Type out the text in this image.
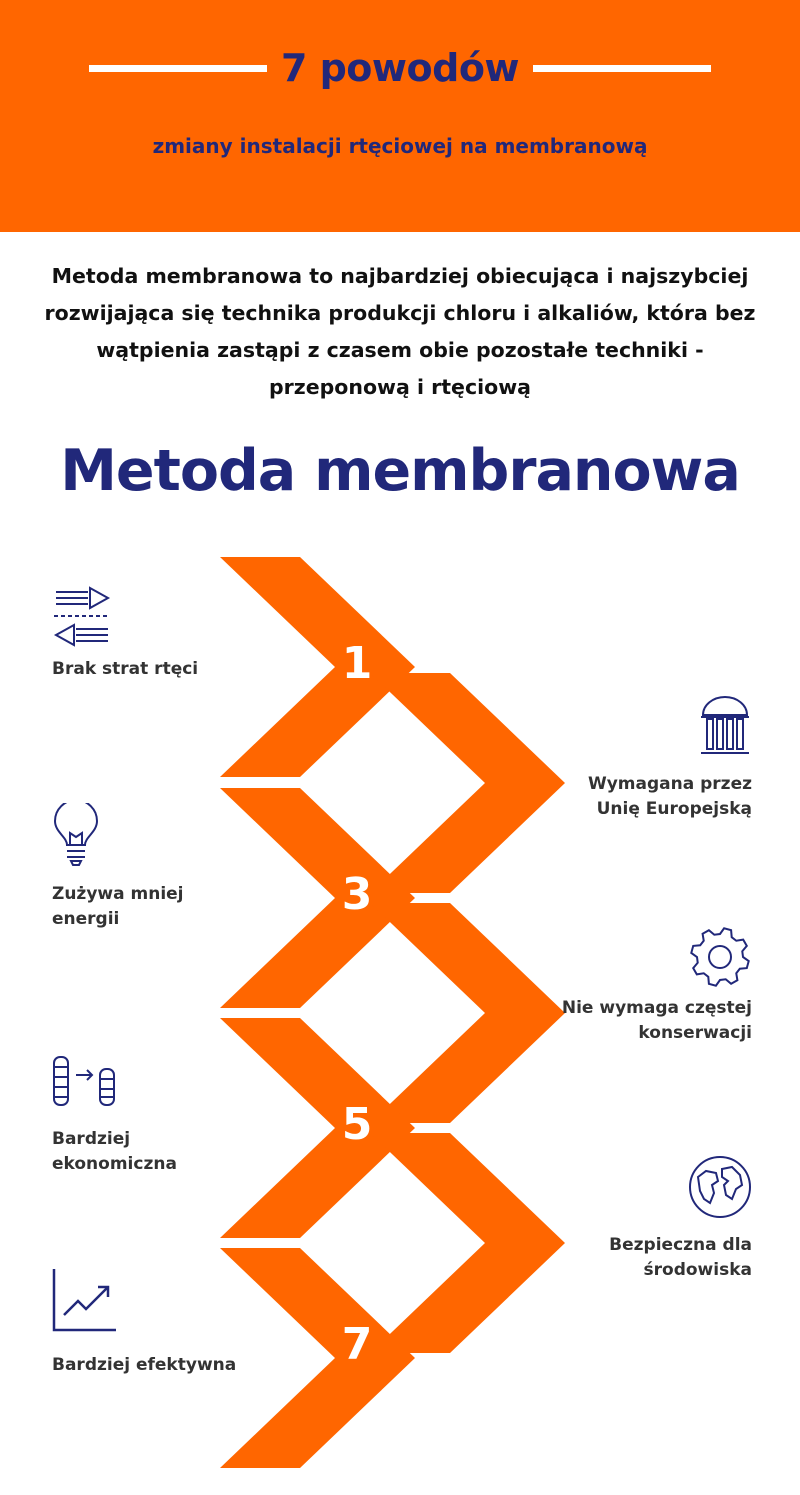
7 powodów
zmiany instalacji rtęciowej na membranową
Metoda membranowa to najbardziej obiecująca i najszybciej
rozwijająca się technika produkcji chloru i alkaliów, która bez
wątpienia zastąpi z czasem obie pozostałe techniki -
przeponową i rtęciową
Metoda membranowa
1
2
3
4
5
6
7
Brak strat rtęci
Wymagana przez
Unię Europejską
Zużywa mniej
energii
Nie wymaga częstej
konserwacji
Bardziej
ekonomiczna
Bezpieczna dla
środowiska
Bardziej efektywna
